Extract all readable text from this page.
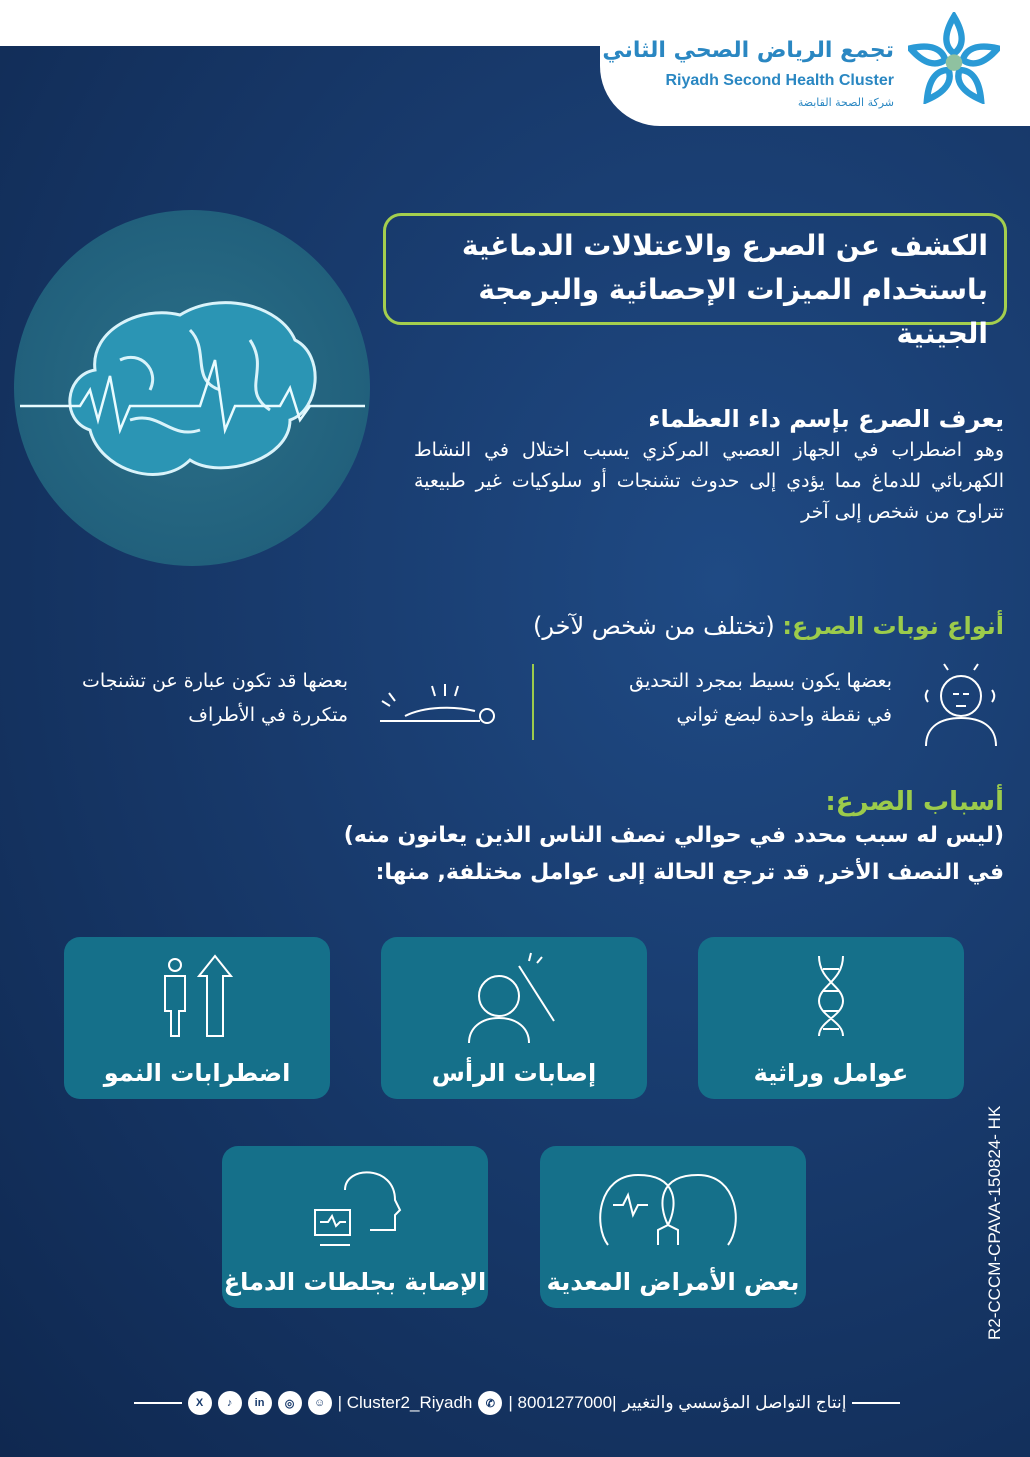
تجمع الرياض الصحي الثاني
Riyadh Second Health Cluster
شركة الصحة القابضة
الكشف عن الصرع والاعتلالات الدماغية
باستخدام الميزات الإحصائية والبرمجة الجينية
يعرف الصرع بإسم داء العظماء

وهو اضطراب في الجهاز العصبي المركزي يسبب اختلال في النشاط الكهربائي للدماغ مما يؤدي إلى حدوث تشنجات أو سلوكيات غير طبيعية تتراوح من شخص إلى آخر

أنواع نوبات الصرع: (تختلف من شخص لآخر)
بعضها يكون بسيط بمجرد التحديق
في نقطة واحدة لبضع ثواني
بعضها قد تكون عبارة عن تشنجات
متكررة في الأطراف
أسباب الصرع:

(ليس له سبب محدد في حوالي نصف الناس الذين يعانون منه)

في النصف الأخر, قد ترجع الحالة إلى عوامل مختلفة, منها:

عوامل وراثية
إصابات الرأس
اضطرابات النمو
بعض الأمراض المعدية
الإصابة بجلطات الدماغ	R2-CCCM-CPAVA-150824- HK
X	♪	in	◎	☺ | Cluster2_Riyadh	✆ | 8001277000| إنتاج التواصل المؤسسي والتغيير
